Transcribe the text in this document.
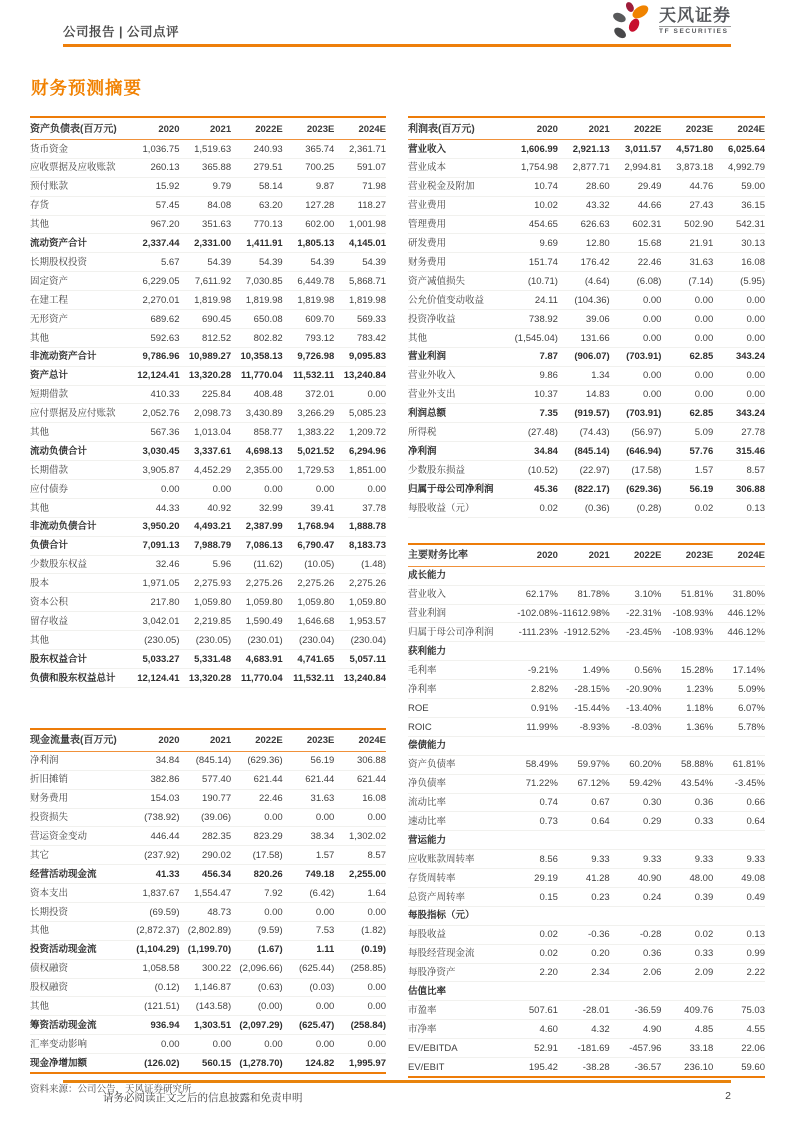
公司报告 | 公司点评
天风证券
TF SECURITIES
财务预测摘要
资产负债表(百万元)	2020	2021	2022E	2023E	2024E
货币资金	1,036.75	1,519.63	240.93	365.74	2,361.71
应收票据及应收账款	260.13	365.88	279.51	700.25	591.07
预付账款	15.92	9.79	58.14	9.87	71.98
存货	57.45	84.08	63.20	127.28	118.27
其他	967.20	351.63	770.13	602.00	1,001.98
流动资产合计	2,337.44	2,331.00	1,411.91	1,805.13	4,145.01
长期股权投资	5.67	54.39	54.39	54.39	54.39
固定资产	6,229.05	7,611.92	7,030.85	6,449.78	5,868.71
在建工程	2,270.01	1,819.98	1,819.98	1,819.98	1,819.98
无形资产	689.62	690.45	650.08	609.70	569.33
其他	592.63	812.52	802.82	793.12	783.42
非流动资产合计	9,786.96	10,989.27	10,358.13	9,726.98	9,095.83
资产总计	12,124.41	13,320.28	11,770.04	11,532.11	13,240.84
短期借款	410.33	225.84	408.48	372.01	0.00
应付票据及应付账款	2,052.76	2,098.73	3,430.89	3,266.29	5,085.23
其他	567.36	1,013.04	858.77	1,383.22	1,209.72
流动负债合计	3,030.45	3,337.61	4,698.13	5,021.52	6,294.96
长期借款	3,905.87	4,452.29	2,355.00	1,729.53	1,851.00
应付债券	0.00	0.00	0.00	0.00	0.00
其他	44.33	40.92	32.99	39.41	37.78
非流动负债合计	3,950.20	4,493.21	2,387.99	1,768.94	1,888.78
负债合计	7,091.13	7,988.79	7,086.13	6,790.47	8,183.73
少数股东权益	32.46	5.96	(11.62)	(10.05)	(1.48)
股本	1,971.05	2,275.93	2,275.26	2,275.26	2,275.26
资本公积	217.80	1,059.80	1,059.80	1,059.80	1,059.80
留存收益	3,042.01	2,219.85	1,590.49	1,646.68	1,953.57
其他	(230.05)	(230.05)	(230.01)	(230.04)	(230.04)
股东权益合计	5,033.27	5,331.48	4,683.91	4,741.65	5,057.11
负债和股东权益总计	12,124.41	13,320.28	11,770.04	11,532.11	13,240.84
现金流量表(百万元)	2020	2021	2022E	2023E	2024E
净利润	34.84	(845.14)	(629.36)	56.19	306.88
折旧摊销	382.86	577.40	621.44	621.44	621.44
财务费用	154.03	190.77	22.46	31.63	16.08
投资损失	(738.92)	(39.06)	0.00	0.00	0.00
营运资金变动	446.44	282.35	823.29	38.34	1,302.02
其它	(237.92)	290.02	(17.58)	1.57	8.57
经营活动现金流	41.33	456.34	820.26	749.18	2,255.00
资本支出	1,837.67	1,554.47	7.92	(6.42)	1.64
长期投资	(69.59)	48.73	0.00	0.00	0.00
其他	(2,872.37)	(2,802.89)	(9.59)	7.53	(1.82)
投资活动现金流	(1,104.29)	(1,199.70)	(1.67)	1.11	(0.19)
债权融资	1,058.58	300.22	(2,096.66)	(625.44)	(258.85)
股权融资	(0.12)	1,146.87	(0.63)	(0.03)	0.00
其他	(121.51)	(143.58)	(0.00)	0.00	0.00
筹资活动现金流	936.94	1,303.51	(2,097.29)	(625.47)	(258.84)
汇率变动影响	0.00	0.00	0.00	0.00	0.00
现金净增加额	(126.02)	560.15	(1,278.70)	124.82	1,995.97
资料来源：公司公告，天风证券研究所
利润表(百万元)	2020	2021	2022E	2023E	2024E
营业收入	1,606.99	2,921.13	3,011.57	4,571.80	6,025.64
营业成本	1,754.98	2,877.71	2,994.81	3,873.18	4,992.79
营业税金及附加	10.74	28.60	29.49	44.76	59.00
营业费用	10.02	43.32	44.66	27.43	36.15
管理费用	454.65	626.63	602.31	502.90	542.31
研发费用	9.69	12.80	15.68	21.91	30.13
财务费用	151.74	176.42	22.46	31.63	16.08
资产减值损失	(10.71)	(4.64)	(6.08)	(7.14)	(5.95)
公允价值变动收益	24.11	(104.36)	0.00	0.00	0.00
投资净收益	738.92	39.06	0.00	0.00	0.00
其他	(1,545.04)	131.66	0.00	0.00	0.00
营业利润	7.87	(906.07)	(703.91)	62.85	343.24
营业外收入	9.86	1.34	0.00	0.00	0.00
营业外支出	10.37	14.83	0.00	0.00	0.00
利润总额	7.35	(919.57)	(703.91)	62.85	343.24
所得税	(27.48)	(74.43)	(56.97)	5.09	27.78
净利润	34.84	(845.14)	(646.94)	57.76	315.46
少数股东损益	(10.52)	(22.97)	(17.58)	1.57	8.57
归属于母公司净利润	45.36	(822.17)	(629.36)	56.19	306.88
每股收益（元）	0.02	(0.36)	(0.28)	0.02	0.13
主要财务比率	2020	2021	2022E	2023E	2024E
成长能力					
营业收入	62.17%	81.78%	3.10%	51.81%	31.80%
营业利润	-102.08%	-11612.98%	-22.31%	-108.93%	446.12%
归属于母公司净利润	-111.23%	-1912.52%	-23.45%	-108.93%	446.12%
获利能力					
毛利率	-9.21%	1.49%	0.56%	15.28%	17.14%
净利率	2.82%	-28.15%	-20.90%	1.23%	5.09%
ROE	0.91%	-15.44%	-13.40%	1.18%	6.07%
ROIC	11.99%	-8.93%	-8.03%	1.36%	5.78%
偿债能力					
资产负债率	58.49%	59.97%	60.20%	58.88%	61.81%
净负债率	71.22%	67.12%	59.42%	43.54%	-3.45%
流动比率	0.74	0.67	0.30	0.36	0.66
速动比率	0.73	0.64	0.29	0.33	0.64
营运能力					
应收账款周转率	8.56	9.33	9.33	9.33	9.33
存货周转率	29.19	41.28	40.90	48.00	49.08
总资产周转率	0.15	0.23	0.24	0.39	0.49
每股指标（元）					
每股收益	0.02	-0.36	-0.28	0.02	0.13
每股经营现金流	0.02	0.20	0.36	0.33	0.99
每股净资产	2.20	2.34	2.06	2.09	2.22
估值比率					
市盈率	507.61	-28.01	-36.59	409.76	75.03
市净率	4.60	4.32	4.90	4.85	4.55
EV/EBITDA	52.91	-181.69	-457.96	33.18	22.06
EV/EBIT	195.42	-38.28	-36.57	236.10	59.60
请务必阅读正文之后的信息披露和免责申明	2
